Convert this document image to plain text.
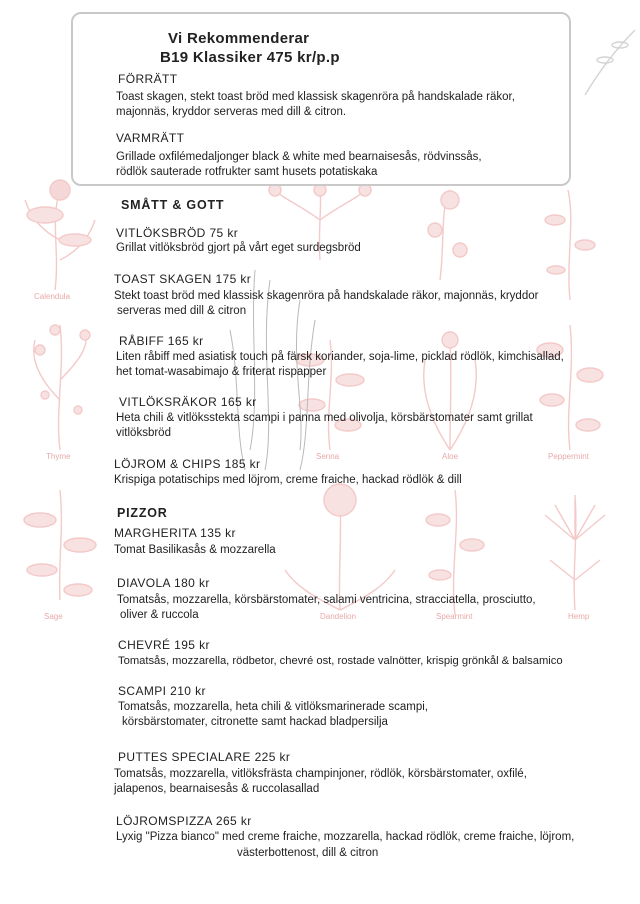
Calendula
Thyme
Sage
Senna	Aloe	Peppermint
Dandelion	Spearmint	Hemp
Vi Rekommenderar
B19 Klassiker 475 kr/p.p
FÖRRÄTT
Toast skagen, stekt toast bröd med klassisk skagenröra på handskalade räkor,
majonnäs, kryddor serveras med dill & citron.
VARMRÄTT
Grillade oxfilémedaljonger black & white med bearnaisesås, rödvinssås,
rödlök sauterade rotfrukter samt husets potatiskaka
SMÅTT & GOTT
VITLÖKSBRÖD 75 kr
Grillat vitlöksbröd gjort på vårt eget surdegsbröd
TOAST SKAGEN 175 kr
Stekt toast bröd med klassisk skagenröra på handskalade räkor, majonnäs, kryddor
serveras med dill & citron
RÅBIFF 165 kr
Liten råbiff med asiatisk touch på färsk koriander, soja-lime, picklad rödlök, kimchisallad,
het tomat-wasabimajo & friterat rispapper
VITLÖKSRÄKOR 165 kr
Heta chili & vitlöksstekta scampi i panna med olivolja, körsbärstomater samt grillat
vitlöksbröd
LÖJROM & CHIPS 185 kr
Krispiga potatischips med löjrom, creme fraiche, hackad rödlök & dill
PIZZOR
MARGHERITA 135 kr
Tomat Basilikasås & mozzarella
DIAVOLA 180 kr
Tomatsås, mozzarella, körsbärstomater, salami ventricina, stracciatella, prosciutto,
oliver & ruccola
CHEVRÉ 195 kr
Tomatsås, mozzarella, rödbetor, chevré ost, rostade valnötter, krispig grönkål & balsamico
SCAMPI 210 kr
Tomatsås, mozzarella, heta chili & vitlöksmarinerade scampi,
körsbärstomater, citronette samt hackad bladpersilja
PUTTES SPECIALARE 225 kr
Tomatsås, mozzarella, vitlöksfrästa champinjoner, rödlök, körsbärstomater, oxfilé,
jalapenos, bearnaisesås & ruccolasallad
LÖJROMSPIZZA 265 kr
Lyxig "Pizza bianco" med creme fraiche, mozzarella, hackad rödlök, creme fraiche, löjrom,
västerbottenost, dill & citron
